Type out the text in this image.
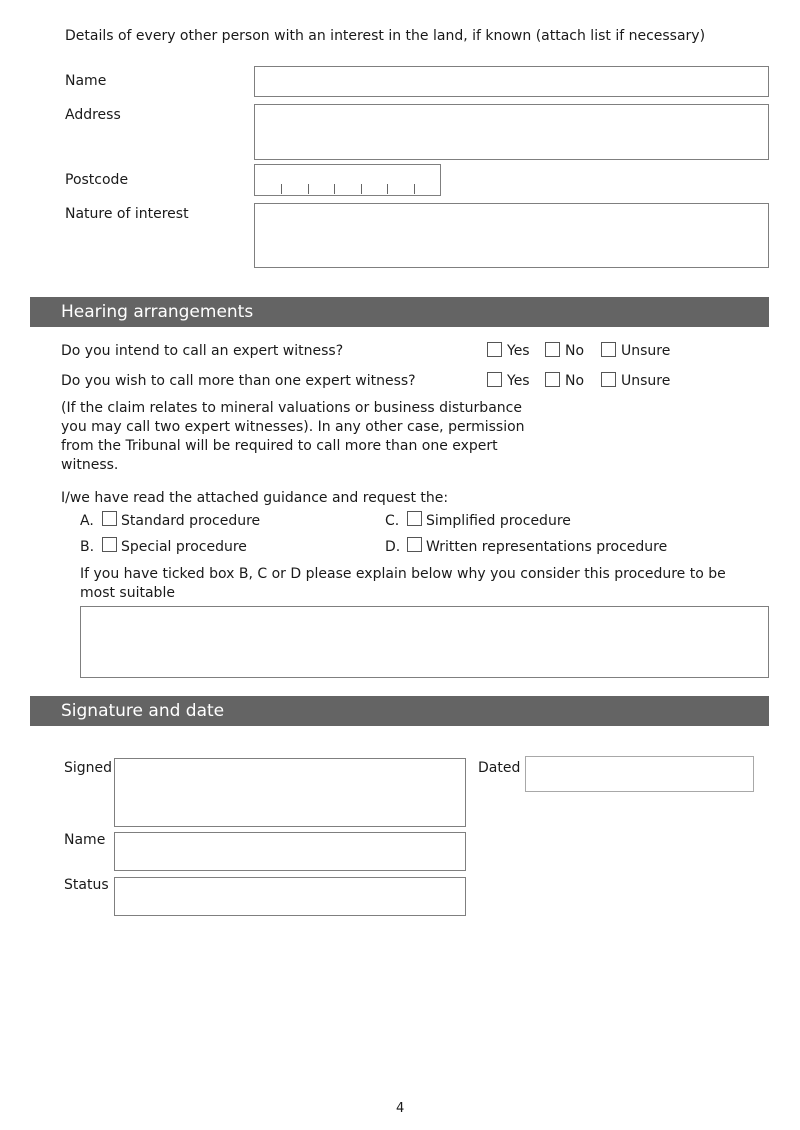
Details of every other person with an interest in the land, if known (attach list if necessary)
Name
Address
Postcode
Nature of interest
Hearing arrangements
Do you intend to call an expert witness?	Yes	No	Unsure
Do you wish to call more than one expert witness?	Yes	No	Unsure
(If the claim relates to mineral valuations or business disturbance you may call two expert witnesses). In any other case, permission from the Tribunal will be required to call more than one expert witness.
I/we have read the attached guidance and request the:
A. Standard procedure	C. Simplified procedure
B. Special procedure	D. Written representations procedure
If you have ticked box B, C or D please explain below why you consider this procedure to be most suitable
Signature and date
Signed	Dated
Name
Status
4
